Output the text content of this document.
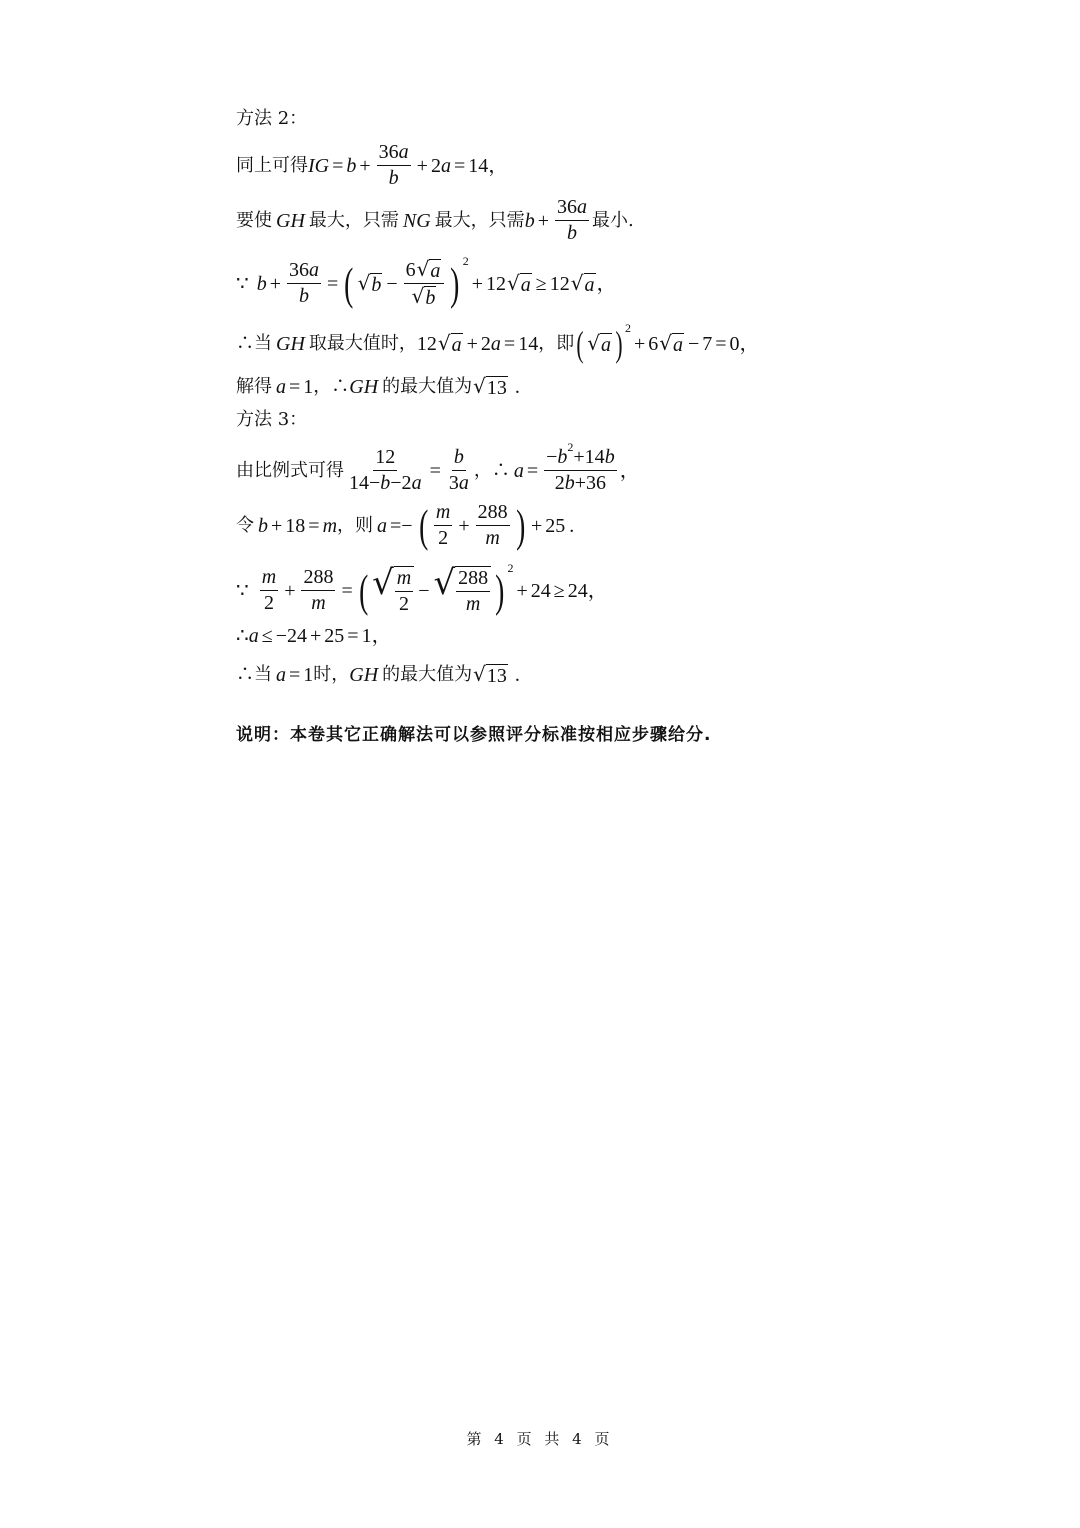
方法 2：
同上可得 IG = $b + \frac{36a}{b} + 2$ a = 14 ，
要使 GH 最大，只需 NG 最大，只需 $b + \frac{36a}{b}$ 最小.
∵ $b + \frac{36a}{b}$ = ( √ $b - \frac{6 √ a}{√ b}$ ) 2
+ 12 √ a ≥ 12 √ a ，
∴当 GH 取最大值时， 12 √ a + 2 a = 14 ，即 ( √ a ) 2
+ 6 √ a − 7 = 0 ，
解得 a = 1 ，∴ GH 的最大值为 √ 13 .
方法 3：
由比例式可得 $\frac{12}{14-b-2a} = \frac{b}{3a}$ ，∴ $a = \frac{-b^2+14b}{2b+36}$ ，
令 b + 18 = m ，则 a =− ( $\frac{m}{2} + \frac{288}{m}$ ) + 25 .
∵ $\frac{m}{2} + \frac{288}{m}$ = ( √ $\frac{m}{2}$ − √ $\frac{288}{m}$ ) 2
+ 24 ≥ 24 ，
∴ a ≤ −24 + 25 = 1 ，
∴当 a = 1 时， GH 的最大值为 √ 13 .
说明：本卷其它正确解法可以参照评分标准按相应步骤给分.
第 4 页 共 4 页
